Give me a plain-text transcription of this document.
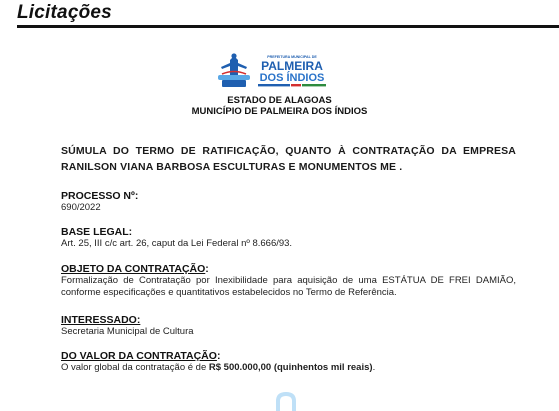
Licitações
PREFEITURA MUNICIPAL DE
PALMEIRA
DOS ÍNDIOS
ESTADO DE ALAGOAS
MUNICÍPIO DE PALMEIRA DOS ÍNDIOS
SÚMULA DO TERMO DE RATIFICAÇÃO, QUANTO À CONTRATAÇÃO DA EMPRESA RANILSON VIANA BARBOSA ESCULTURAS E MONUMENTOS ME .
PROCESSO Nº:
690/2022
BASE LEGAL:
Art. 25, III c/c art. 26, caput da Lei Federal nº 8.666/93.
OBJETO DA CONTRATAÇÃO:
Formalização de Contratação por Inexibilidade para aquisição de uma ESTÁTUA DE FREI DAMIÃO, conforme especificações e quantitativos estabelecidos no Termo de Referência.
INTERESSADO:
Secretaria Municipal de Cultura
DO VALOR DA CONTRATAÇÃO:
O valor global da contratação é de R$ 500.000,00 (quinhentos mil reais).
